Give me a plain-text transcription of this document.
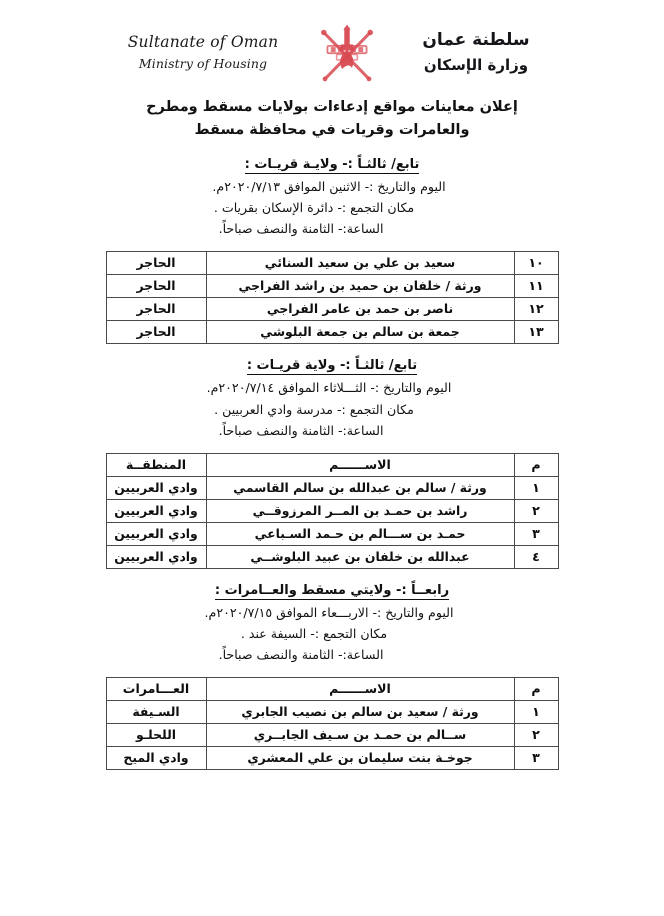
Sultanate of Oman
Ministry of Housing
سلطنة عمان
وزارة الإسكان
إعلان معاينات مواقع إدعاءات بولايات مسقط ومطرح
والعامرات وقريات في محافظة مسقط
تابع/ ثالثـاً :- ولايـة قريـات :
اليوم والتاريخ :- الاثنين الموافق ٢٠٢٠/٧/١٣م.
مكان التجمع :- دائرة الإسكان بقريات .
الساعة:- الثامنة والنصف صباحاً.
١٠	سعيد بن علي بن سعيد السنائي	الحاجر
١١	ورثة / خلفان بن حميد بن راشد الفراجي	الحاجر
١٢	ناصر بن حمد بن عامر الفراجي	الحاجر
١٣	جمعة بن سالم بن جمعة البلوشي	الحاجر
تابع/ ثالثـاً :- ولاية قريـات :
اليوم والتاريخ :- الثـــلاثاء الموافق ٢٠٢٠/٧/١٤م.
مكان التجمع :- مدرسة وادي العربيين .
الساعة:- الثامنة والنصف صباحاً.
م	الاســــــم	المنطقــة
١	ورثة / سالم بن عبدالله بن سالم القاسمي	وادي العربيين
٢	راشد بن حمـد بن المــر المرزوقــي	وادي العربيين
٣	حمـد بن ســـالم بن حـمد السـباعي	وادي العربيين
٤	عبدالله بن خلفان بن عبيد البلوشــي	وادي العربيين
رابعــاً :- ولايتي مسقط والعــامرات :
اليوم والتاريخ :- الاربـــعاء الموافق ٢٠٢٠/٧/١٥م.
مكان التجمع :- السيفة عند .
الساعة:- الثامنة والنصف صباحاً.
م	الاســــــم	العـــامرات
١	ورثة / سعيد بن سالم بن نصيب الجابري	السـيفة
٢	ســالم بن حمـد بن سـيف الجابــري	اللحلـو
٣	جوخـة بنت سليمان بن علي المعشري	وادي الميح
